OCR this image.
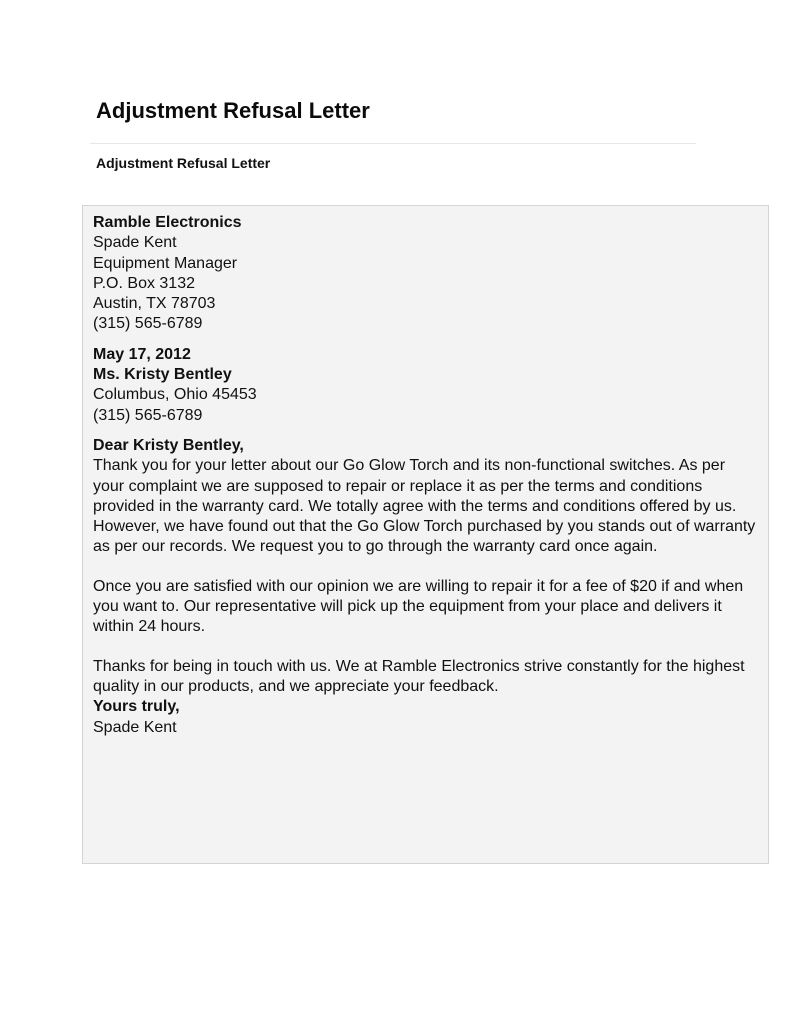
Adjustment Refusal Letter
Adjustment Refusal Letter
Ramble Electronics
Spade Kent
Equipment Manager
P.O. Box 3132
Austin, TX 78703
(315) 565-6789

May 17, 2012

Ms. Kristy Bentley
Columbus, Ohio 45453
(315) 565-6789

Dear Kristy Bentley,

Thank you for your letter about our Go Glow Torch and its non-functional switches. As per your complaint we are supposed to repair or replace it as per the terms and conditions provided in the warranty card. We totally agree with the terms and conditions offered by us.

However, we have found out that the Go Glow Torch purchased by you stands out of warranty as per our records. We request you to go through the warranty card once again.

Once you are satisfied with our opinion we are willing to repair it for a fee of $20 if and when you want to. Our representative will pick up the equipment from your place and delivers it within 24 hours.

Thanks for being in touch with us. We at Ramble Electronics strive constantly for the highest quality in our products, and we appreciate your feedback.

Yours truly,

Spade Kent
